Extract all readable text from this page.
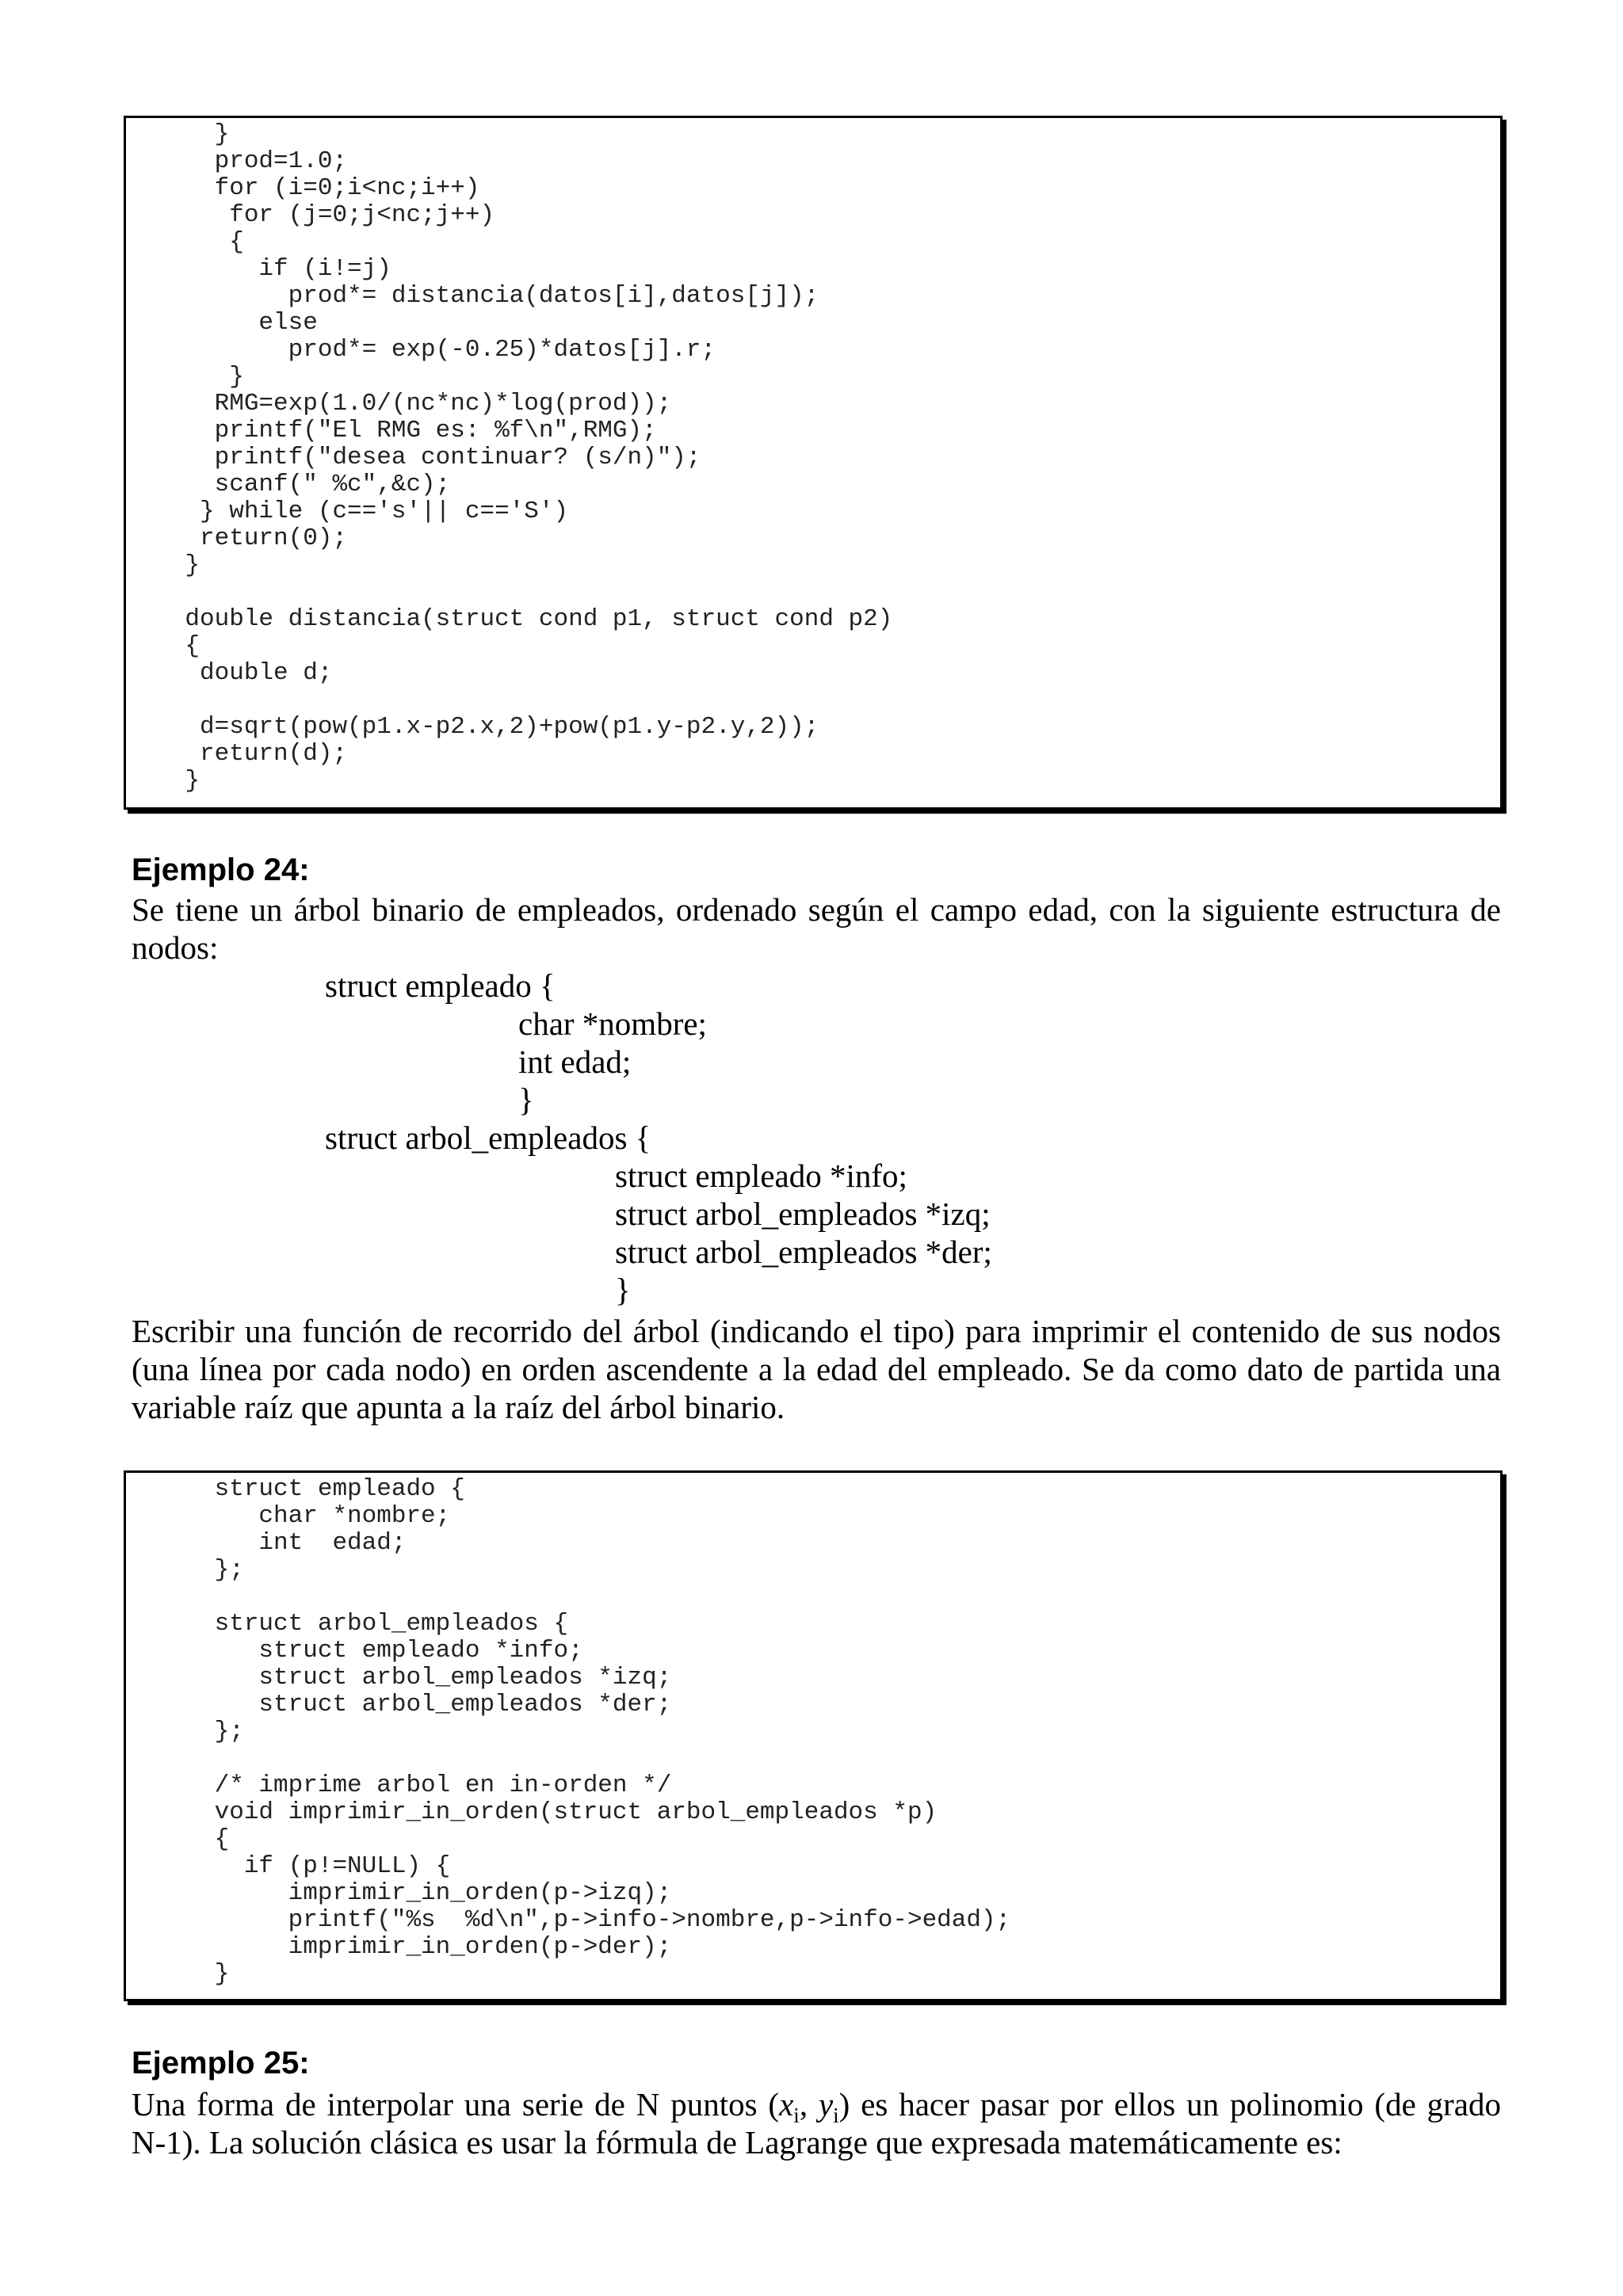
}
prod=1.0;
for (i=0;i<nc;i++)
for (j=0;j<nc;j++)
{
if (i!=j)
prod*= distancia(datos[i],datos[j]);
else
prod*= exp(-0.25)*datos[j].r;
}
RMG=exp(1.0/(nc*nc)*log(prod));
printf("El RMG es: %f\n",RMG);
printf("desea continuar? (s/n)");
scanf(" %c",&c);
} while (c=='s'|| c=='S')
return(0);
}
double distancia(struct cond p1, struct cond p2)
{
double d;
d=sqrt(pow(p1.x-p2.x,2)+pow(p1.y-p2.y,2));
return(d);
}
Ejemplo 24:

Se tiene un árbol binario de empleados, ordenado según el campo edad, con la siguiente estructura de

nodos:

struct empleado {

char *nombre;

int edad;

}

struct arbol_empleados {

struct empleado *info;

struct arbol_empleados *izq;

struct arbol_empleados *der;

}

Escribir una función de recorrido del árbol (indicando el tipo) para imprimir el contenido de sus nodos

(una línea por cada nodo) en orden ascendente a la edad del empleado. Se da como dato de partida una

variable raíz que apunta a la raíz del árbol binario.

struct empleado {
char *nombre;
int  edad;
};
struct arbol_empleados {
struct empleado *info;
struct arbol_empleados *izq;
struct arbol_empleados *der;
};
/* imprime arbol en in-orden */
void imprimir_in_orden(struct arbol_empleados *p)
{
if (p!=NULL) {
imprimir_in_orden(p->izq);
printf("%s  %d\n",p->info->nombre,p->info->edad);
imprimir_in_orden(p->der);
}
Ejemplo 25:

Una forma de interpolar una serie de N puntos ($x_i$, $y_i$) es hacer pasar por ellos un polinomio (de grado

N-1). La solución clásica es usar la fórmula de Lagrange que expresada matemáticamente es:
